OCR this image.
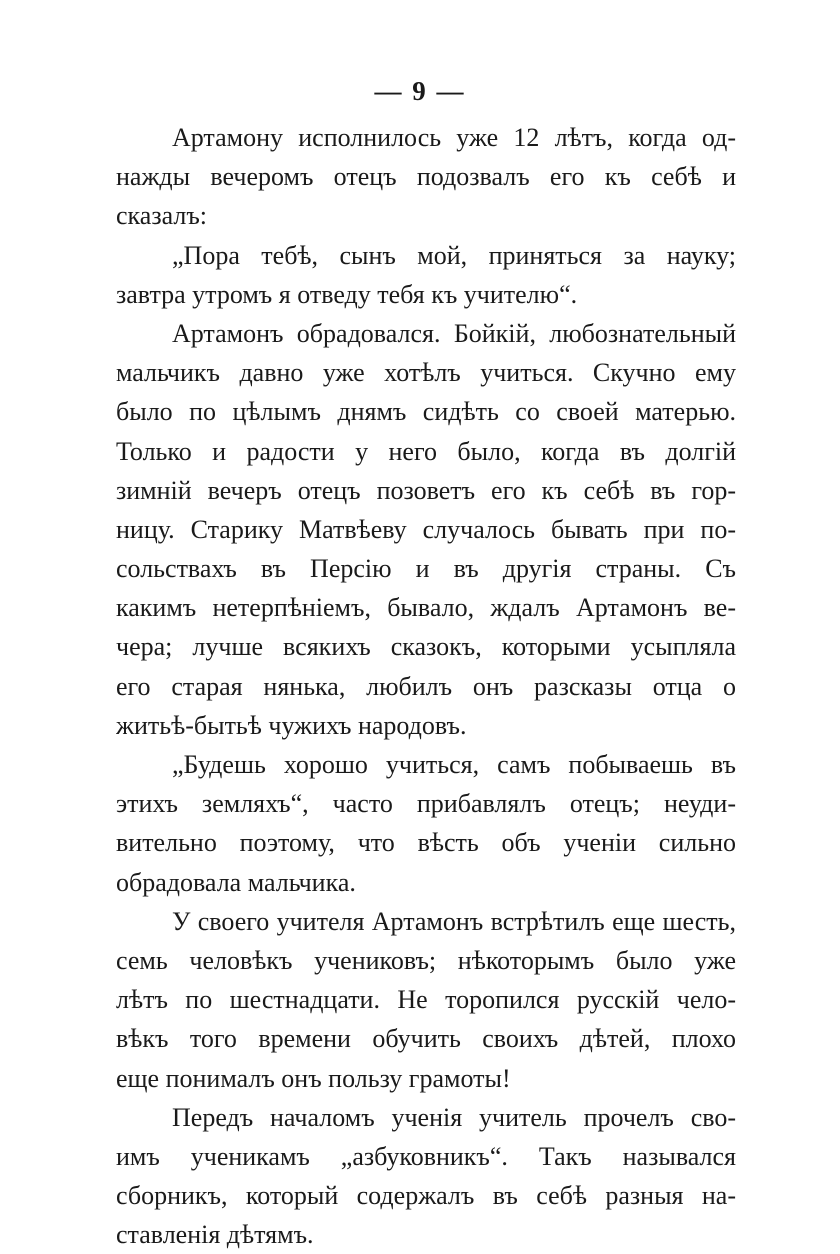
— 9 —
Артамону исполнилось уже 12 лѣтъ, когда од-
нажды вечеромъ отецъ подозвалъ его къ себѣ и
сказалъ:
„Пора тебѣ, сынъ мой, приняться за науку;
завтра утромъ я отведу тебя къ учителю“.
Артамонъ обрадовался. Бойкій, любознательный
мальчикъ давно уже хотѣлъ учиться. Скучно ему
было по цѣлымъ днямъ сидѣть со своей матерью.
Только и радости у него было, когда въ долгій
зимній вечеръ отецъ позоветъ его къ себѣ въ гор-
ницу. Старику Матвѣеву случалось бывать при по-
сольствахъ въ Персію и въ другія страны. Съ
какимъ нетерпѣніемъ, бывало, ждалъ Артамонъ ве-
чера; лучше всякихъ сказокъ, которыми усыпляла
его старая нянька, любилъ онъ разсказы отца о
житьѣ-бытьѣ чужихъ народовъ.
„Будешь хорошо учиться, самъ побываешь въ
этихъ земляхъ“, часто прибавлялъ отецъ; неуди-
вительно поэтому, что вѣсть объ ученіи сильно
обрадовала мальчика.
У своего учителя Артамонъ встрѣтилъ еще шесть,
семь человѣкъ учениковъ; нѣкоторымъ было уже
лѣтъ по шестнадцати. Не торопился русскій чело-
вѣкъ того времени обучить своихъ дѣтей, плохо
еще понималъ онъ пользу грамоты!
Передъ началомъ ученія учитель прочелъ сво-
имъ ученикамъ „азбуковникъ“. Такъ назывался
сборникъ, который содержалъ въ себѣ разныя на-
ставленія дѣтямъ.
